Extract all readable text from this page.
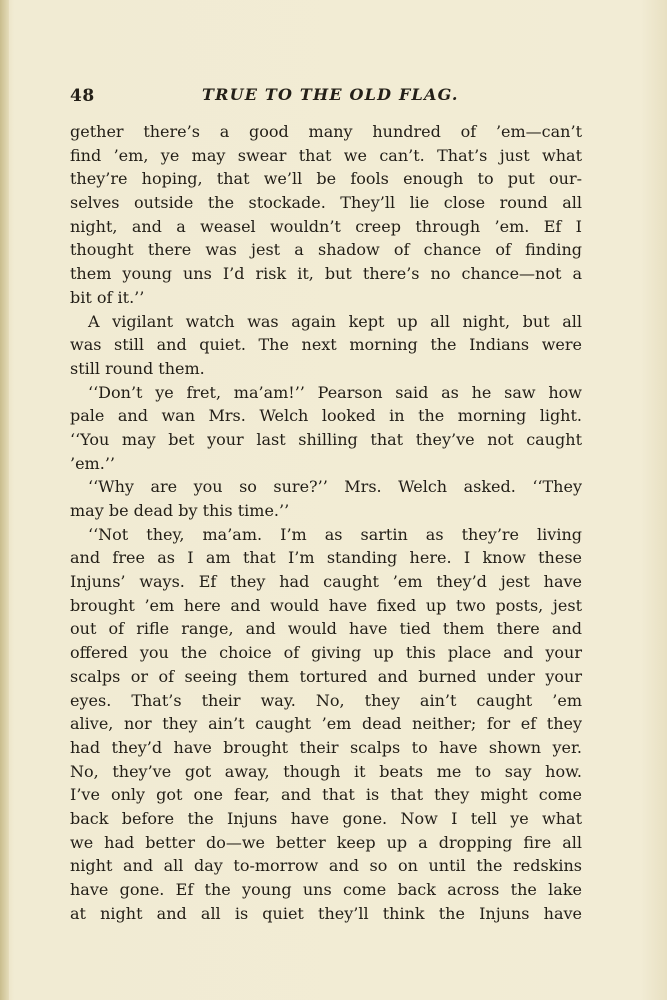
48	TRUE TO THE OLD FLAG.
gether there’s a good many hundred of ’em—can’t
find ’em, ye may swear that we can’t. That’s just what
they’re hoping, that we’ll be fools enough to put our-
selves outside the stockade. They’ll lie close round all
night, and a weasel wouldn’t creep through ’em. Ef I
thought there was jest a shadow of chance of finding
them young uns I’d risk it, but there’s no chance—not a
bit of it.’’
A vigilant watch was again kept up all night, but all
was still and quiet. The next morning the Indians were
still round them.
‘‘Don’t ye fret, ma’am!’’ Pearson said as he saw how
pale and wan Mrs. Welch looked in the morning light.
‘‘You may bet your last shilling that they’ve not caught
’em.’’
‘‘Why are you so sure?’’ Mrs. Welch asked. ‘‘They
may be dead by this time.’’
‘‘Not they, ma’am. I’m as sartin as they’re living
and free as I am that I’m standing here. I know these
Injuns’ ways. Ef they had caught ’em they’d jest have
brought ’em here and would have fixed up two posts, jest
out of rifle range, and would have tied them there and
offered you the choice of giving up this place and your
scalps or of seeing them tortured and burned under your
eyes. That’s their way. No, they ain’t caught ’em
alive, nor they ain’t caught ’em dead neither; for ef they
had they’d have brought their scalps to have shown yer.
No, they’ve got away, though it beats me to say how.
I’ve only got one fear, and that is that they might come
back before the Injuns have gone. Now I tell ye what
we had better do—we better keep up a dropping fire all
night and all day to-morrow and so on until the redskins
have gone. Ef the young uns come back across the lake
at night and all is quiet they’ll think the Injuns have
